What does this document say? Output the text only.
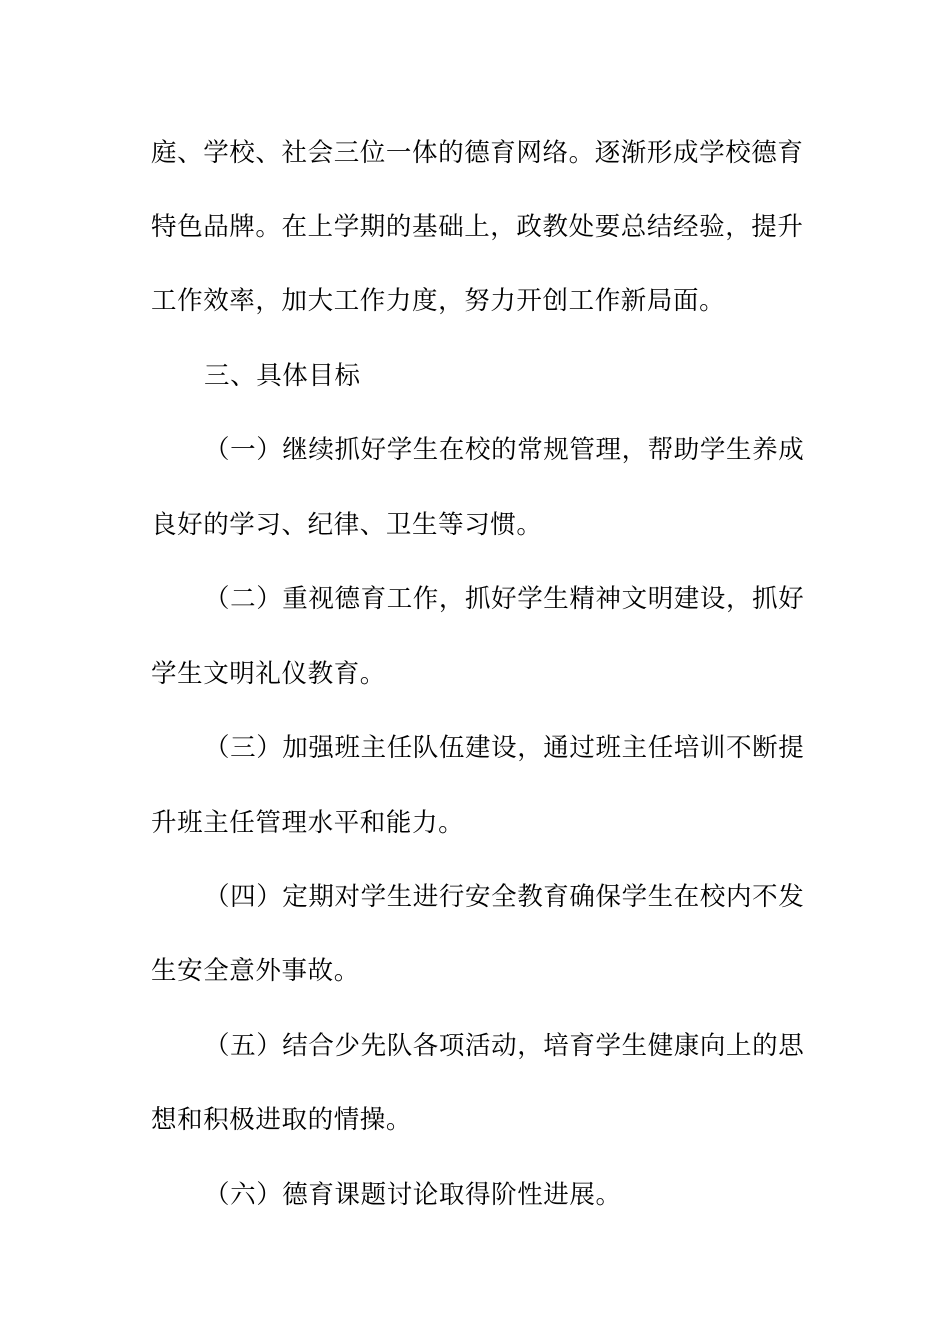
庭、学校、社会三位一体的德育网络。逐渐形成学校德育
特色品牌。在上学期的基础上，政教处要总结经验，提升
工作效率，加大工作力度，努力开创工作新局面。
三、具体目标
（一）继续抓好学生在校的常规管理，帮助学生养成
良好的学习、纪律、卫生等习惯。
（二）重视德育工作，抓好学生精神文明建设，抓好
学生文明礼仪教育。
（三）加强班主任队伍建设，通过班主任培训不断提
升班主任管理水平和能力。
（四）定期对学生进行安全教育确保学生在校内不发
生安全意外事故。
（五）结合少先队各项活动，培育学生健康向上的思
想和积极进取的情操。
（六）德育课题讨论取得阶性进展。
